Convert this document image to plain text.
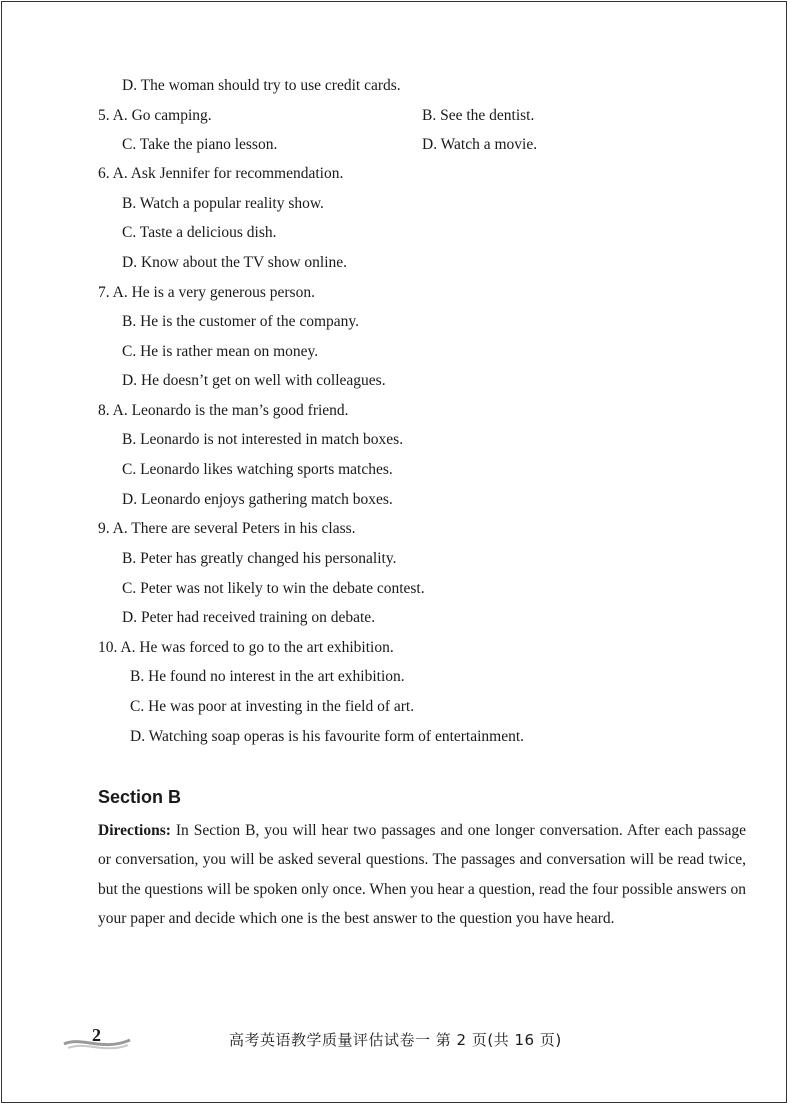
D. The woman should try to use credit cards.
5. A. Go camping.	B. See the dentist.
C. Take the piano lesson.	D. Watch a movie.
6. A. Ask Jennifer for recommendation.
B. Watch a popular reality show.
C. Taste a delicious dish.
D. Know about the TV show online.
7. A. He is a very generous person.
B. He is the customer of the company.
C. He is rather mean on money.
D. He doesn’t get on well with colleagues.
8. A. Leonardo is the man’s good friend.
B. Leonardo is not interested in match boxes.
C. Leonardo likes watching sports matches.
D. Leonardo enjoys gathering match boxes.
9. A. There are several Peters in his class.
B. Peter has greatly changed his personality.
C. Peter was not likely to win the debate contest.
D. Peter had received training on debate.
10. A. He was forced to go to the art exhibition.
B. He found no interest in the art exhibition.
C. He was poor at investing in the field of art.
D. Watching soap operas is his favourite form of entertainment.
Section B
Directions: In Section B, you will hear two passages and one longer conversation. After each passage or conversation, you will be asked several questions. The passages and conversation will be read twice, but the questions will be spoken only once. When you hear a question, read the four possible answers on your paper and decide which one is the best answer to the question you have heard.
2	高考英语教学质量评估试卷一 第 2 页(共 16 页)
